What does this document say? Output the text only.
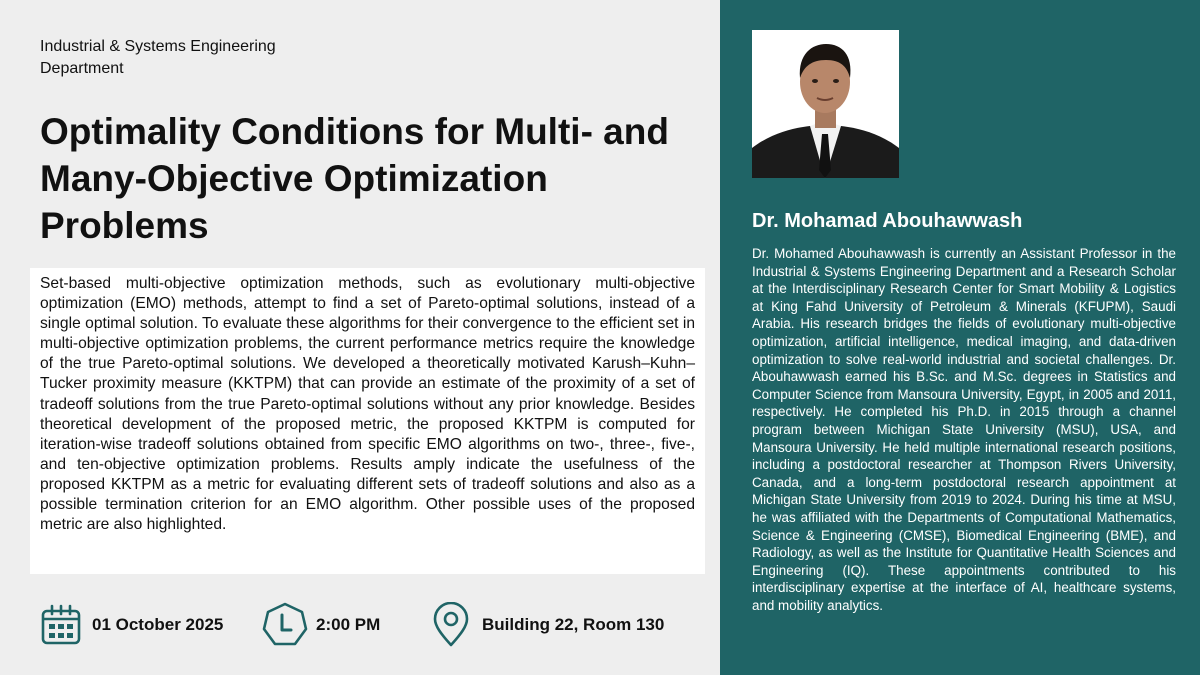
Industrial & Systems Engineering Department
Optimality Conditions for Multi- and Many-Objective Optimization Problems

Set-based multi-objective optimization methods, such as evolutionary multi-objective optimization (EMO) methods, attempt to find a set of Pareto-optimal solutions, instead of a single optimal solution. To evaluate these algorithms for their convergence to the efficient set in multi-objective optimization problems, the current performance metrics require the knowledge of the true Pareto-optimal solutions. We developed a theoretically motivated Karush–Kuhn–Tucker proximity measure (KKTPM) that can provide an estimate of the proximity of a set of tradeoff solutions from the true Pareto-optimal solutions without any prior knowledge. Besides theoretical development of the proposed metric, the proposed KKTPM is computed for iteration-wise tradeoff solutions obtained from specific EMO algorithms on two-, three-, five-, and ten-objective optimization problems. Results amply indicate the usefulness of the proposed KKTPM as a metric for evaluating different sets of tradeoff solutions and also as a possible termination criterion for an EMO algorithm. Other possible uses of the proposed metric are also highlighted.

01 October 2025	2:00 PM	Building 22, Room 130
Dr. Mohamad Abouhawwash

Dr. Mohamed Abouhawwash is currently an Assistant Professor in the Industrial & Systems Engineering Department and a Research Scholar at the Interdisciplinary Research Center for Smart Mobility & Logistics at King Fahd University of Petroleum & Minerals (KFUPM), Saudi Arabia. His research bridges the fields of evolutionary multi-objective optimization, artificial intelligence, medical imaging, and data-driven optimization to solve real-world industrial and societal challenges. Dr. Abouhawwash earned his B.Sc. and M.Sc. degrees in Statistics and Computer Science from Mansoura University, Egypt, in 2005 and 2011, respectively. He completed his Ph.D. in 2015 through a channel program between Michigan State University (MSU), USA, and Mansoura University. He held multiple international research positions, including a postdoctoral researcher at Thompson Rivers University, Canada, and a long-term postdoctoral research appointment at Michigan State University from 2019 to 2024. During his time at MSU, he was affiliated with the Departments of Computational Mathematics, Science & Engineering (CMSE), Biomedical Engineering (BME), and Radiology, as well as the Institute for Quantitative Health Sciences and Engineering (IQ). These appointments contributed to his interdisciplinary expertise at the interface of AI, healthcare systems, and mobility analytics.
